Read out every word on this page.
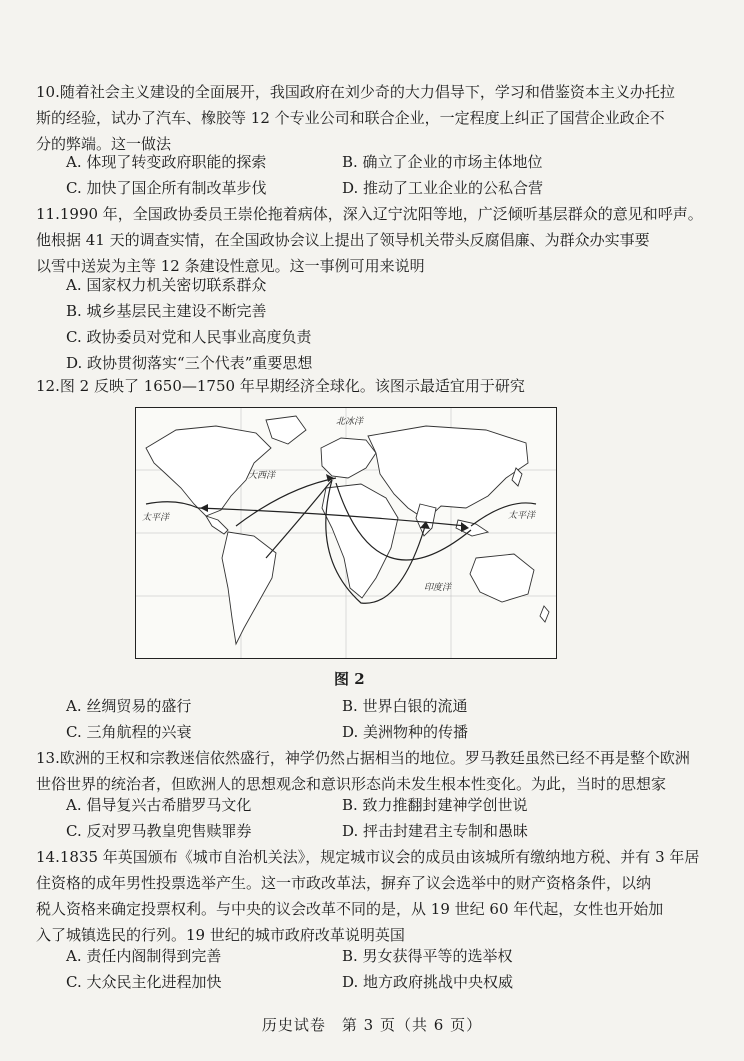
10.随着社会主义建设的全面展开，我国政府在刘少奇的大力倡导下，学习和借鉴资本主义办托拉
斯的经验，试办了汽车、橡胶等 12 个专业公司和联合企业，一定程度上纠正了国营企业政企不
分的弊端。这一做法
A. 体现了转变政府职能的探索	B. 确立了企业的市场主体地位
C. 加快了国企所有制改革步伐	D. 推动了工业企业的公私合营
11.1990 年，全国政协委员王崇伦拖着病体，深入辽宁沈阳等地，广泛倾听基层群众的意见和呼声。
他根据 41 天的调查实情，在全国政协会议上提出了领导机关带头反腐倡廉、为群众办实事要
以雪中送炭为主等 12 条建设性意见。这一事例可用来说明
A. 国家权力机关密切联系群众
B. 城乡基层民主建设不断完善
C. 政协委员对党和人民事业高度负责
D. 政协贯彻落实“三个代表”重要思想
12.图 2 反映了 1650—1750 年早期经济全球化。该图示最适宜用于研究
北冰洋
大西洋
太平洋	太平洋
印度洋
图 2
A. 丝绸贸易的盛行	B. 世界白银的流通
C. 三角航程的兴衰	D. 美洲物种的传播
13.欧洲的王权和宗教迷信依然盛行，神学仍然占据相当的地位。罗马教廷虽然已经不再是整个欧洲
世俗世界的统治者，但欧洲人的思想观念和意识形态尚未发生根本性变化。为此，当时的思想家
A. 倡导复兴古希腊罗马文化	B. 致力推翻封建神学创世说
C. 反对罗马教皇兜售赎罪券	D. 抨击封建君主专制和愚昧
14.1835 年英国颁布《城市自治机关法》，规定城市议会的成员由该城所有缴纳地方税、并有 3 年居
住资格的成年男性投票选举产生。这一市政改革法，摒弃了议会选举中的财产资格条件，以纳
税人资格来确定投票权利。与中央的议会改革不同的是，从 19 世纪 60 年代起，女性也开始加
入了城镇选民的行列。19 世纪的城市政府改革说明英国
A. 责任内阁制得到完善	B. 男女获得平等的选举权
C. 大众民主化进程加快	D. 地方政府挑战中央权威
历史试卷　第 3 页（共 6 页）
